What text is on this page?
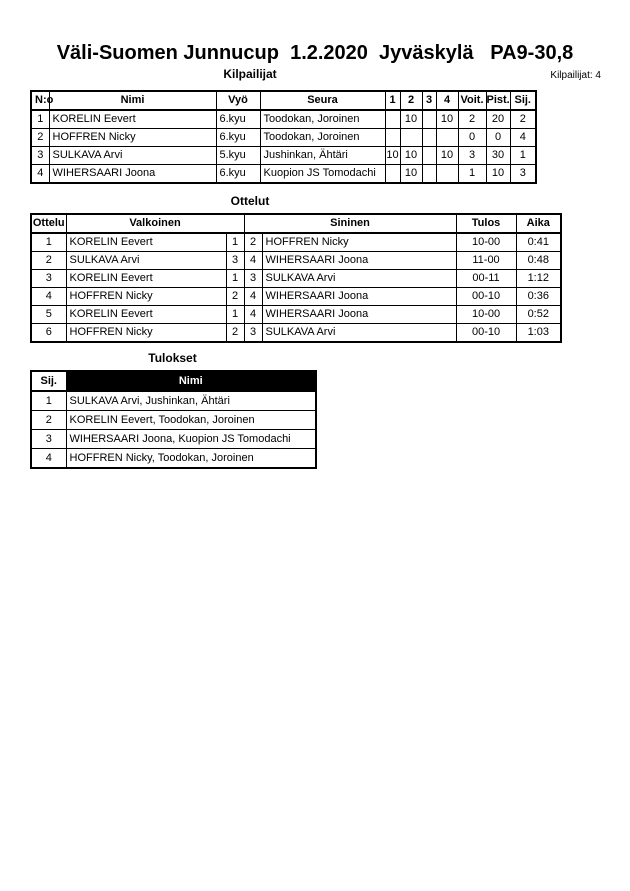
Väli-Suomen Junnucup  1.2.2020  Jyväskylä   PA9-30,8
Kilpailijat	Kilpailijat: 4
N:o	Nimi	Vyö	Seura	1	2	3	4	Voit.	Pist.	Sij.
1	KORELIN Eevert	6.kyu	Toodokan, Joroinen		10		10	2	20	2
2	HOFFREN Nicky	6.kyu	Toodokan, Joroinen					0	0	4
3	SULKAVA Arvi	5.kyu	Jushinkan, Ähtäri	10	10		10	3	30	1
4	WIHERSAARI Joona	6.kyu	Kuopion JS Tomodachi		10			1	10	3
Ottelut
Ottelu	Valkoinen		Sininen		Tulos	Aika
1	KORELIN Eevert	1	2	HOFFREN Nicky	10-00	0:41
2	SULKAVA Arvi	3	4	WIHERSAARI Joona	11-00	0:48
3	KORELIN Eevert	1	3	SULKAVA Arvi	00-11	1:12
4	HOFFREN Nicky	2	4	WIHERSAARI Joona	00-10	0:36
5	KORELIN Eevert	1	4	WIHERSAARI Joona	10-00	0:52
6	HOFFREN Nicky	2	3	SULKAVA Arvi	00-10	1:03
Tulokset
Sij.	Nimi
1	SULKAVA Arvi, Jushinkan, Ähtäri
2	KORELIN Eevert, Toodokan, Joroinen
3	WIHERSAARI Joona, Kuopion JS Tomodachi
4	HOFFREN Nicky, Toodokan, Joroinen
